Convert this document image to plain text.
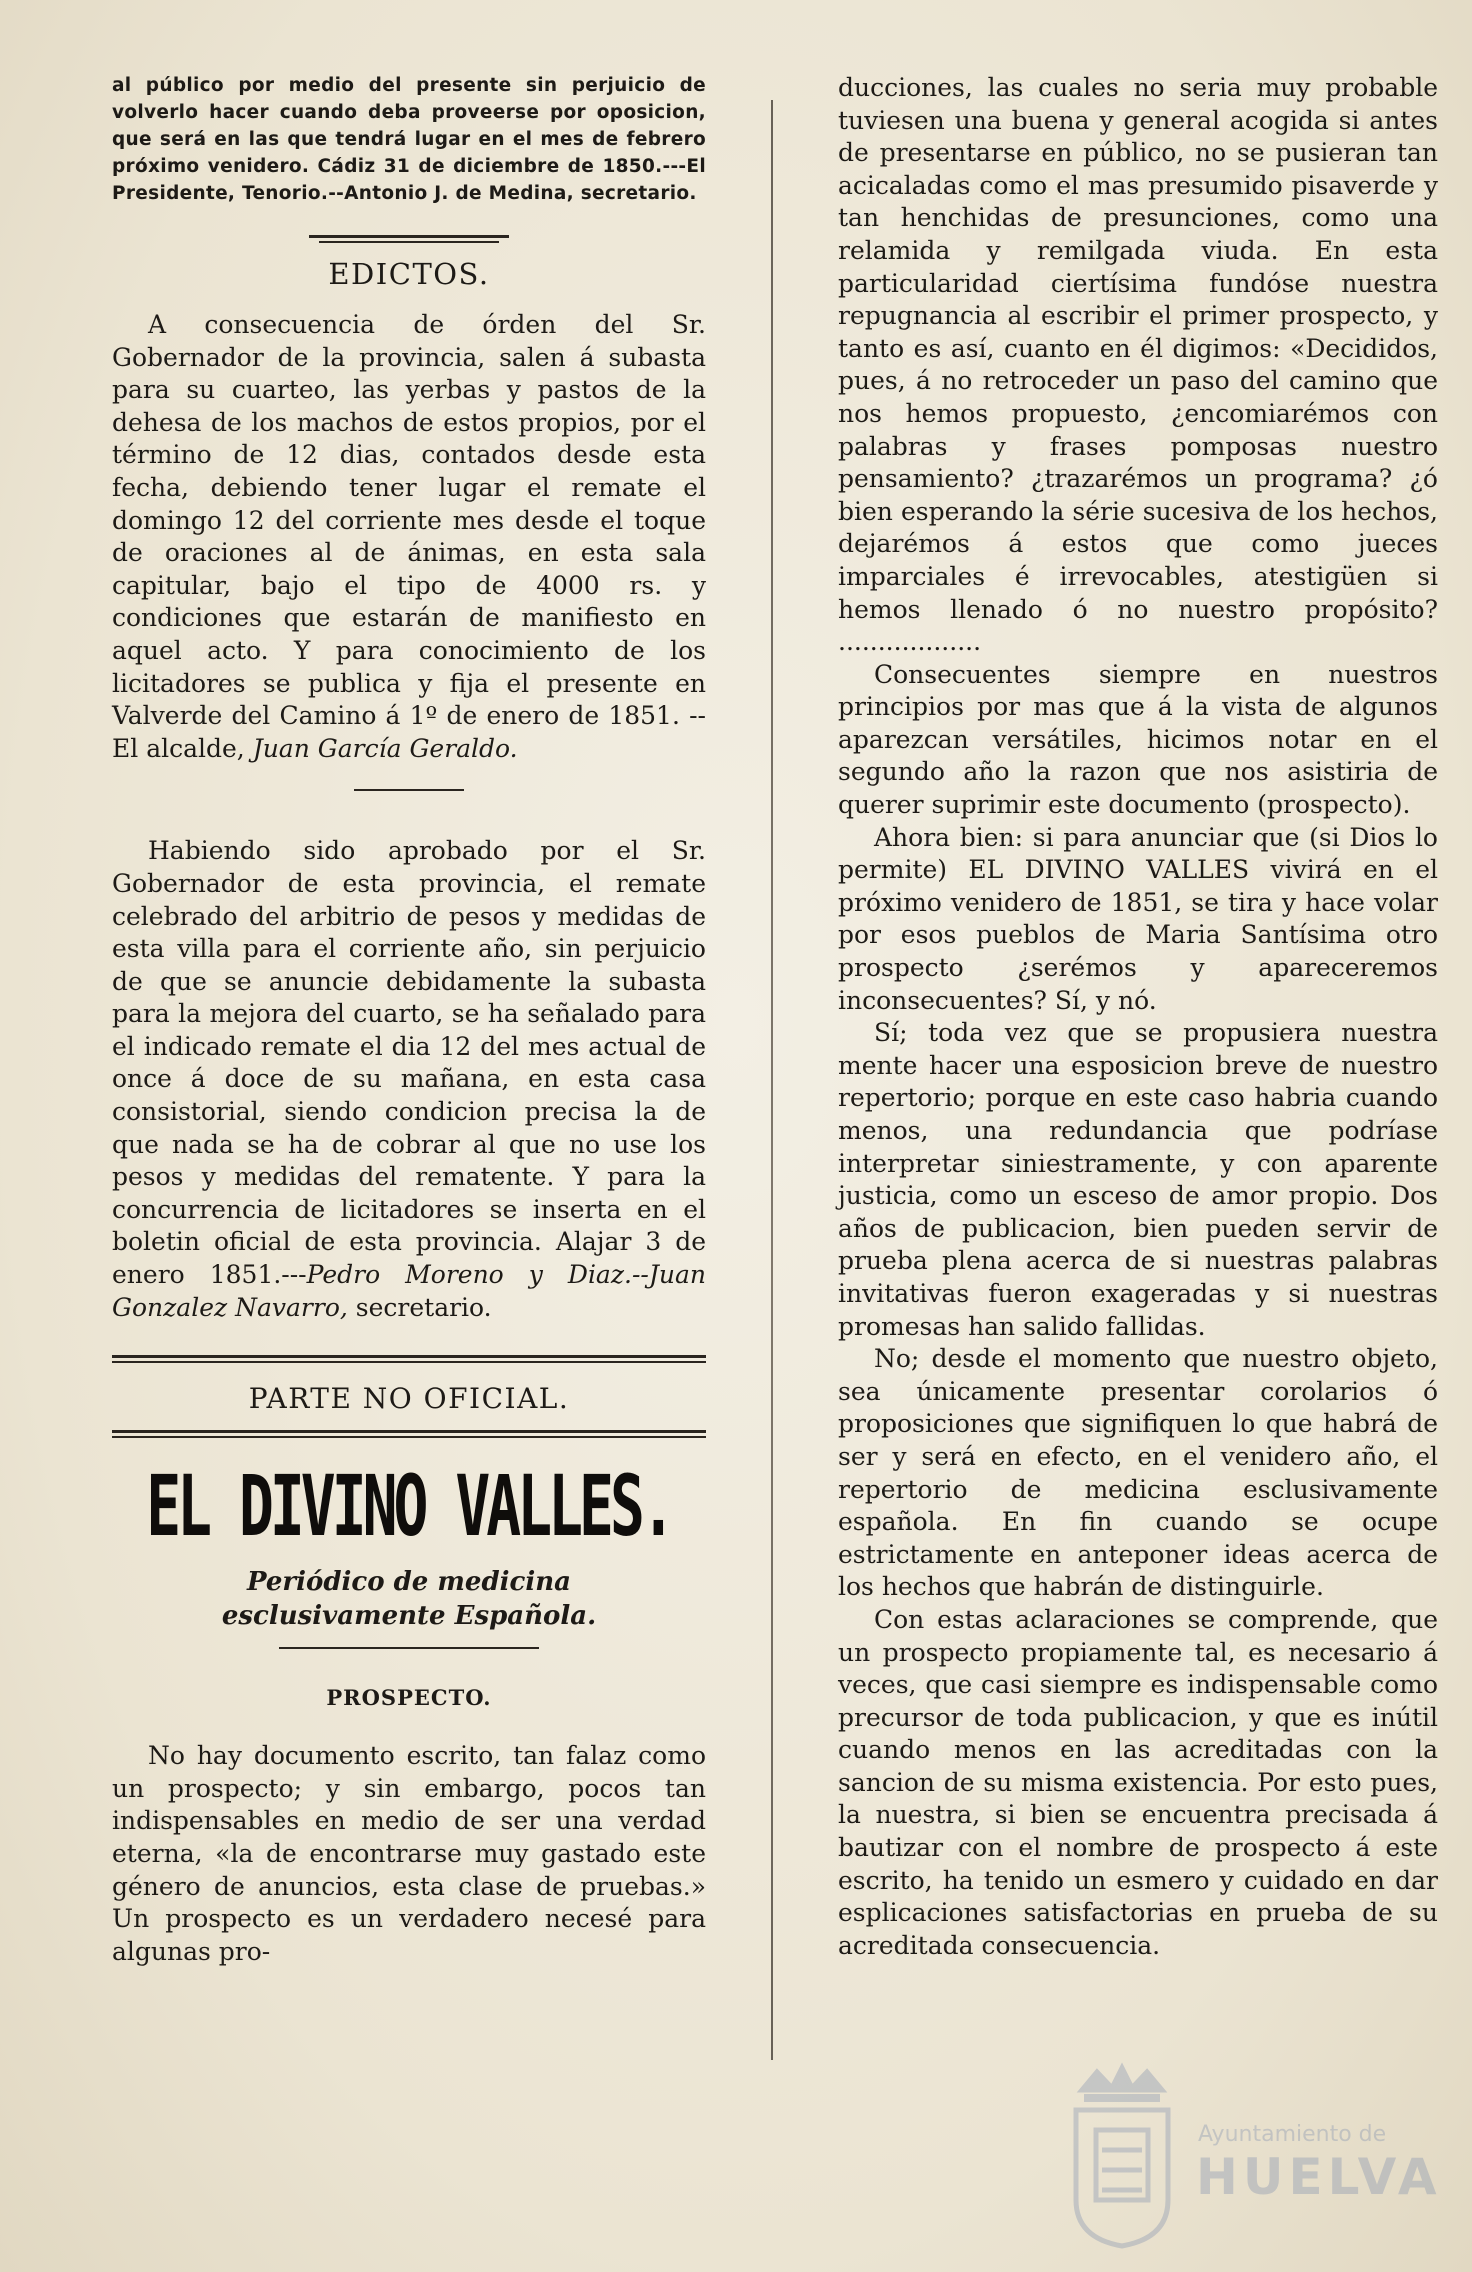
al público por medio del presente sin perjuicio de volverlo hacer cuando deba proveerse por oposicion, que será en las que tendrá lugar en el mes de febrero próximo venidero. Cádiz 31 de diciembre de 1850.---El Presidente, Tenorio.--Antonio J. de Medina, secretario.

EDICTOS.

A consecuencia de órden del Sr. Gobernador de la provincia, salen á subasta para su cuarteo, las yerbas y pastos de la dehesa de los machos de estos propios, por el término de 12 dias, contados desde esta fecha, debiendo tener lugar el remate el domingo 12 del corriente mes desde el toque de oraciones al de ánimas, en esta sala capitular, bajo el tipo de 4000 rs. y condiciones que estarán de manifiesto en aquel acto. Y para conocimiento de los licitadores se publica y fija el presente en Valverde del Camino á 1º de enero de 1851. --El alcalde, Juan García Geraldo.

Habiendo sido aprobado por el Sr. Gobernador de esta provincia, el remate celebrado del arbitrio de pesos y medidas de esta villa para el corriente año, sin perjuicio de que se anuncie debidamente la subasta para la mejora del cuarto, se ha señalado para el indicado remate el dia 12 del mes actual de once á doce de su mañana, en esta casa consistorial, siendo condicion precisa la de que nada se ha de cobrar al que no use los pesos y medidas del rematente. Y para la concurrencia de licitadores se inserta en el boletin oficial de esta provincia. Alajar 3 de enero 1851.---Pedro Moreno y Diaz.--Juan Gonzalez Navarro, secretario.

PARTE NO OFICIAL.
EL DIVINO VALLES.

Periódico de medicina esclusivamente Española.

PROSPECTO.

No hay documento escrito, tan falaz como un prospecto; y sin embargo, pocos tan indispensables en medio de ser una verdad eterna, «la de encontrarse muy gastado este género de anuncios, esta clase de pruebas.» Un prospecto es un verdadero necesé para algunas pro-

ducciones, las cuales no seria muy probable tuviesen una buena y general acogida si antes de presentarse en público, no se pusieran tan acicaladas como el mas presumido pisaverde y tan henchidas de presunciones, como una relamida y remilgada viuda. En esta particularidad ciertísima fundóse nuestra repugnancia al escribir el primer prospecto, y tanto es así, cuanto en él digimos: «Decididos, pues, á no retroceder un paso del camino que nos hemos propuesto, ¿encomiarémos con palabras y frases pomposas nuestro pensamiento? ¿trazarémos un programa? ¿ó bien esperando la série sucesiva de los hechos, dejarémos á estos que como jueces imparciales é irrevocables, atestigüen si hemos llenado ó no nuestro propósito? ..................

Consecuentes siempre en nuestros principios por mas que á la vista de algunos aparezcan versátiles, hicimos notar en el segundo año la razon que nos asistiria de querer suprimir este documento (prospecto).

Ahora bien: si para anunciar que (si Dios lo permite) EL DIVINO VALLES vivirá en el próximo venidero de 1851, se tira y hace volar por esos pueblos de Maria Santísima otro prospecto ¿serémos y apareceremos inconsecuentes? Sí, y nó.

Sí; toda vez que se propusiera nuestra mente hacer una esposicion breve de nuestro repertorio; porque en este caso habria cuando menos, una redundancia que podríase interpretar siniestramente, y con aparente justicia, como un esceso de amor propio. Dos años de publicacion, bien pueden servir de prueba plena acerca de si nuestras palabras invitativas fueron exageradas y si nuestras promesas han salido fallidas.

No; desde el momento que nuestro objeto, sea únicamente presentar corolarios ó proposiciones que signifiquen lo que habrá de ser y será en efecto, en el venidero año, el repertorio de medicina esclusivamente española. En fin cuando se ocupe estrictamente en anteponer ideas acerca de los hechos que habrán de distinguirle.

Con estas aclaraciones se comprende, que un prospecto propiamente tal, es necesario á veces, que casi siempre es indispensable como precursor de toda publicacion, y que es inútil cuando menos en las acreditadas con la sancion de su misma existencia. Por esto pues, la nuestra, si bien se encuentra precisada á bautizar con el nombre de prospecto á este escrito, ha tenido un esmero y cuidado en dar esplicaciones satisfactorias en prueba de su acreditada consecuencia.

Ayuntamiento de
HUELVA
